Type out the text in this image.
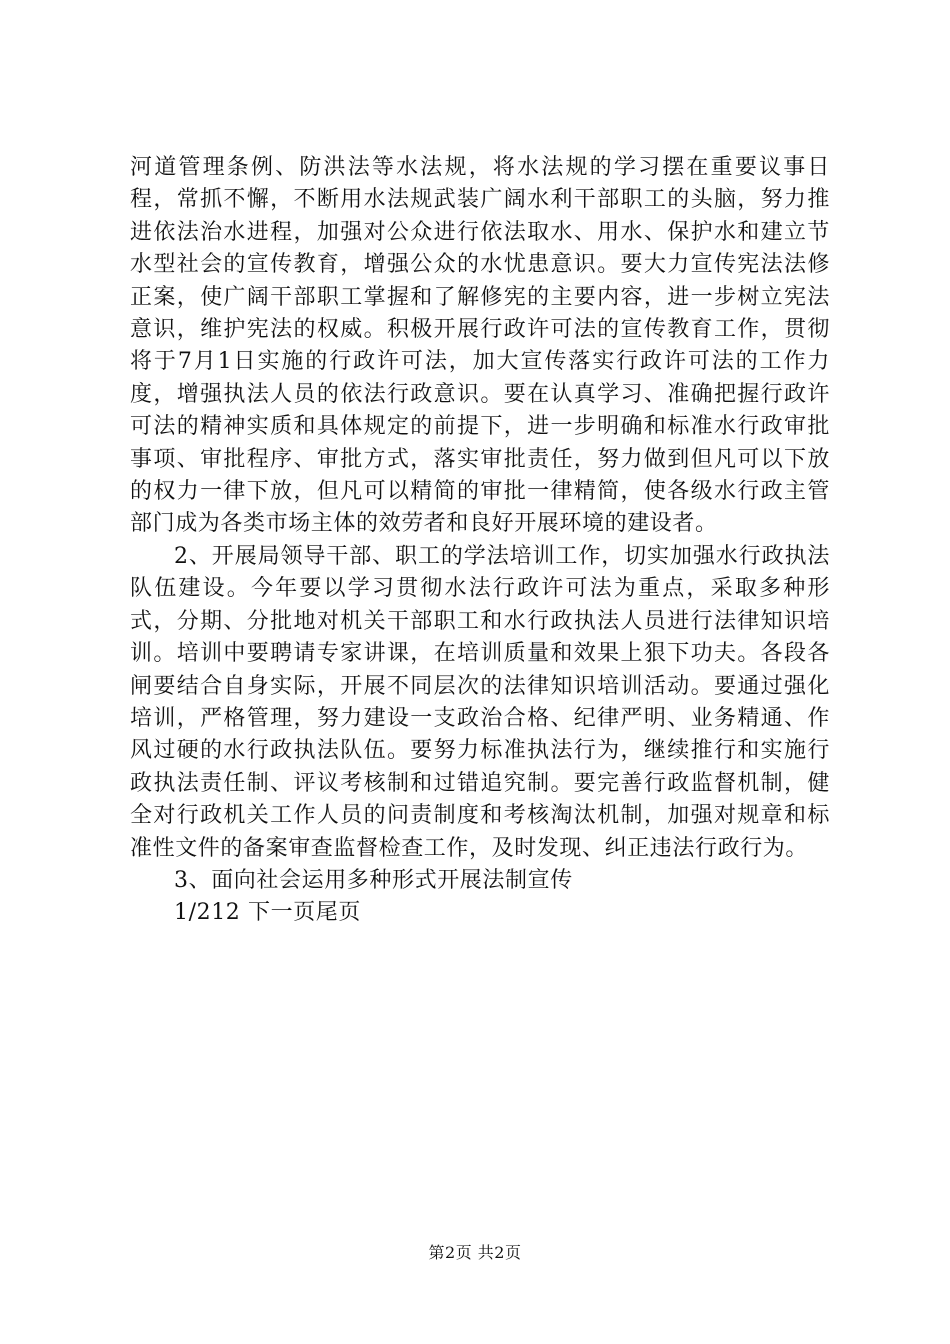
河道管理条例、防洪法等水法规，将水法规的学习摆在重要议事日程，常抓不懈，不断用水法规武装广阔水利干部职工的头脑，努力推进依法治水进程，加强对公众进行依法取水、用水、保护水和建立节水型社会的宣传教育，增强公众的水忧患意识。要大力宣传宪法法修正案，使广阔干部职工掌握和了解修宪的主要内容，进一步树立宪法意识，维护宪法的权威。积极开展行政许可法的宣传教育工作，贯彻将于7月1日实施的行政许可法，加大宣传落实行政许可法的工作力度，增强执法人员的依法行政意识。要在认真学习、准确把握行政许可法的精神实质和具体规定的前提下，进一步明确和标准水行政审批事项、审批程序、审批方式，落实审批责任，努力做到但凡可以下放的权力一律下放，但凡可以精简的审批一律精简，使各级水行政主管部门成为各类市场主体的效劳者和良好开展环境的建设者。

2、开展局领导干部、职工的学法培训工作，切实加强水行政执法队伍建设。今年要以学习贯彻水法行政许可法为重点，采取多种形式，分期、分批地对机关干部职工和水行政执法人员进行法律知识培训。培训中要聘请专家讲课，在培训质量和效果上狠下功夫。各段各闸要结合自身实际，开展不同层次的法律知识培训活动。要通过强化培训，严格管理，努力建设一支政治合格、纪律严明、业务精通、作风过硬的水行政执法队伍。要努力标准执法行为，继续推行和实施行政执法责任制、评议考核制和过错追究制。要完善行政监督机制，健全对行政机关工作人员的问责制度和考核淘汰机制，加强对规章和标准性文件的备案审查监督检查工作，及时发现、纠正违法行政行为。

3、面向社会运用多种形式开展法制宣传

1/212 下一页尾页

第2页 共2页
